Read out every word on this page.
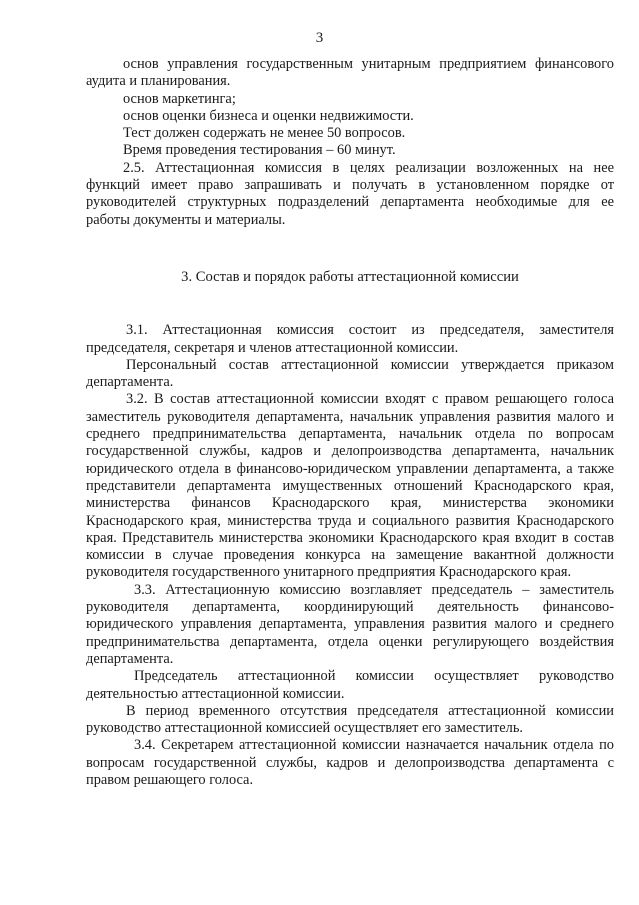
3

основ управления государственным унитарным предприятием финансового аудита и планирования.

основ маркетинга;

основ оценки бизнеса и оценки недвижимости.

Тест должен содержать не менее 50 вопросов.

Время проведения тестирования – 60 минут.

2.5. Аттестационная комиссия в целях реализации возложенных на нее функций имеет право запрашивать и получать в установленном порядке от руководителей структурных подразделений департамента необходимые для ее работы документы и материалы.

3. Состав и порядок работы аттестационной комиссии

3.1. Аттестационная комиссия состоит из председателя, заместителя председателя, секретаря и членов аттестационной комиссии.

Персональный состав аттестационной комиссии утверждается приказом департамента.

3.2. В состав аттестационной комиссии входят с правом решающего голоса заместитель руководителя департамента, начальник управления развития малого и среднего предпринимательства департамента, начальник отдела по вопросам государственной службы, кадров и делопроизводства департамента, начальник юридического отдела в финансово-юридическом управлении департамента, а также представители департамента имущественных отношений Краснодарского края, министерства финансов Краснодарского края, министерства экономики Краснодарского края, министерства труда и социального развития Краснодарского края. Представитель министерства экономики Краснодарского края входит в состав комиссии в случае проведения конкурса на замещение вакантной должности руководителя государственного унитарного предприятия Краснодарского края.

3.3. Аттестационную комиссию возглавляет председатель – заместитель руководителя департамента, координирующий деятельность финансово-юридического управления департамента, управления развития малого и среднего предпринимательства департамента, отдела оценки регулирующего воздействия департамента.

Председатель аттестационной комиссии осуществляет руководство деятельностью аттестационной комиссии.

В период временного отсутствия председателя аттестационной комиссии руководство аттестационной комиссией осуществляет его заместитель.

3.4. Секретарем аттестационной комиссии назначается начальник отдела по вопросам государственной службы, кадров и делопроизводства департамента с правом решающего голоса.
